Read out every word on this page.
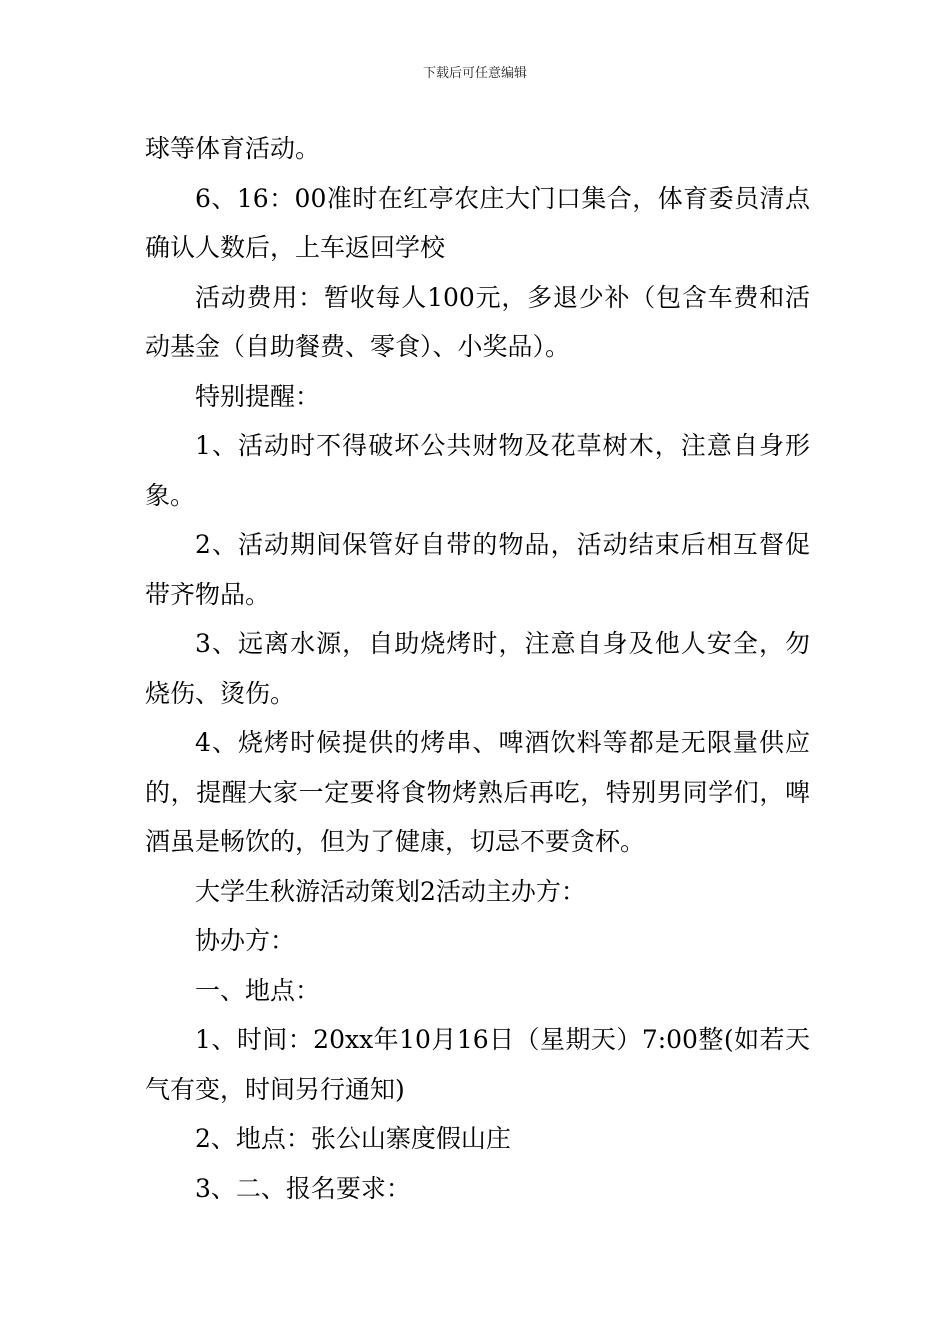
下载后可任意编辑

球等体育活动。

6、16：00准时在红亭农庄大门口集合，体育委员清点确认人数后，上车返回学校

活动费用：暂收每人100元，多退少补（包含车费和活动基金（自助餐费、零食）、小奖品）。

特别提醒：

1、活动时不得破坏公共财物及花草树木，注意自身形象。

2、活动期间保管好自带的物品，活动结束后相互督促带齐物品。

3、远离水源，自助烧烤时，注意自身及他人安全，勿烧伤、烫伤。

4、烧烤时候提供的烤串、啤酒饮料等都是无限量供应的，提醒大家一定要将食物烤熟后再吃，特别男同学们，啤酒虽是畅饮的，但为了健康，切忌不要贪杯。

大学生秋游活动策划2活动主办方：

协办方：

一、地点：

1、时间：20xx年10月16日（星期天）7:00整(如若天气有变，时间另行通知)

2、地点：张公山寨度假山庄

3、二、报名要求：
